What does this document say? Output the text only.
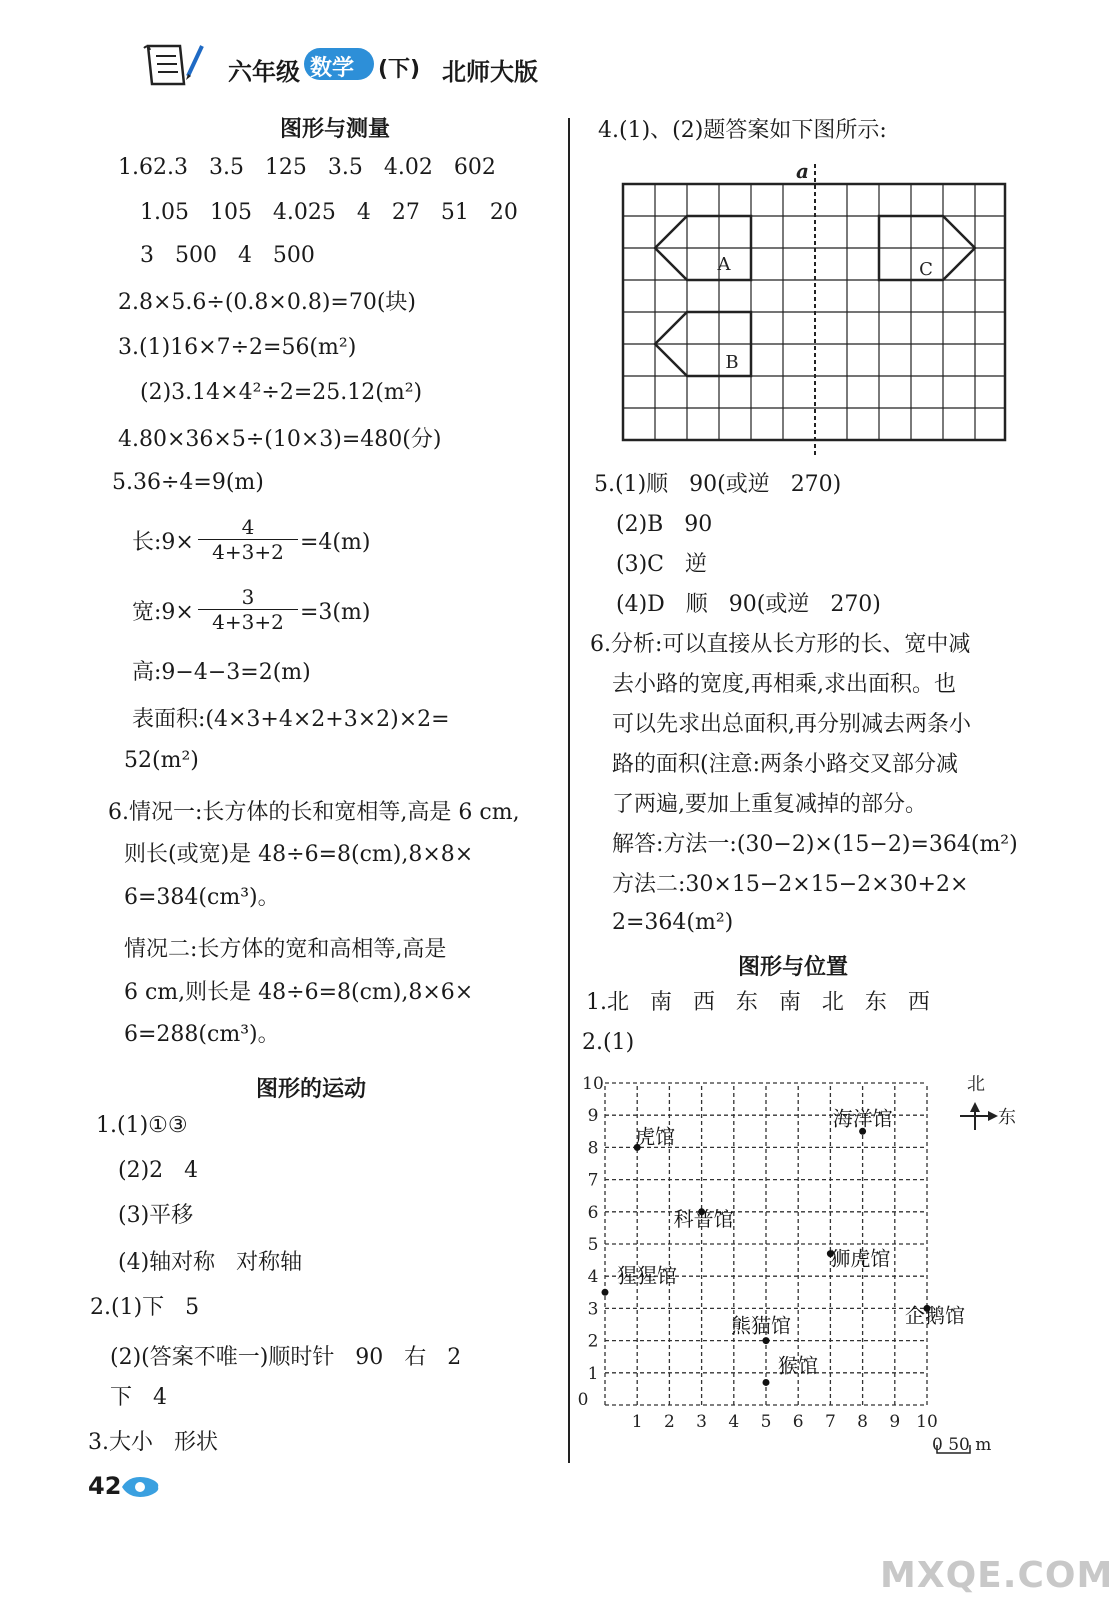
六年级 数学 (下) 北师大版
图形与测量
1.62.3   3.5   125   3.5   4.02   602
1.05   105   4.025   4   27   51   20
3   500   4   500
2.8×5.6÷(0.8×0.8)=70(块)
3.(1)16×7÷2=56(m²)
(2)3.14×4²÷2=25.12(m²)
4.80×36×5÷(10×3)=480(分)
5.36÷4=9(m)
长:9× $\frac{4}{4+3+2} =4(m)$
宽:9× $\frac{3}{4+3+2} =3(m)$
高:9−4−3=2(m)
表面积:(4×3+4×2+3×2)×2=
52(m²)
6.情况一:长方体的长和宽相等,高是 6 cm,
则长(或宽)是 48÷6=8(cm),8×8×
6=384(cm³)。
情况二:长方体的宽和高相等,高是
6 cm,则长是 48÷6=8(cm),8×6×
6=288(cm³)。
图形的运动
1.(1)①③
(2)2   4
(3)平移
(4)轴对称   对称轴
2.(1)下   5
(2)(答案不唯一)顺时针   90   右   2
下   4
3.大小   形状
42
4.(1)、(2)题答案如下图所示:
a
A
B
C
5.(1)顺   90(或逆   270)
(2)B   90
(3)C   逆
(4)D   顺   90(或逆   270)
6.分析:可以直接从长方形的长、宽中减
去小路的宽度,再相乘,求出面积。也
可以先求出总面积,再分别减去两条小
路的面积(注意:两条小路交叉部分减
了两遍,要加上重复减掉的部分。
解答:方法一:(30−2)×(15−2)=364(m²)
方法二:30×15−2×15−2×30+2×
2=364(m²)
图形与位置
1.北   南   西   东   南   北   东   西
2.(1)
0
1 2 3 4 5 6 7 8 9 10
1
2
3
4
5
6
7
8
9
10
虎馆
海洋馆
科普馆
狮虎馆
猩猩馆
熊猫馆	企鹅馆
猴馆
北
东
0 50 m
MXQE.COM
